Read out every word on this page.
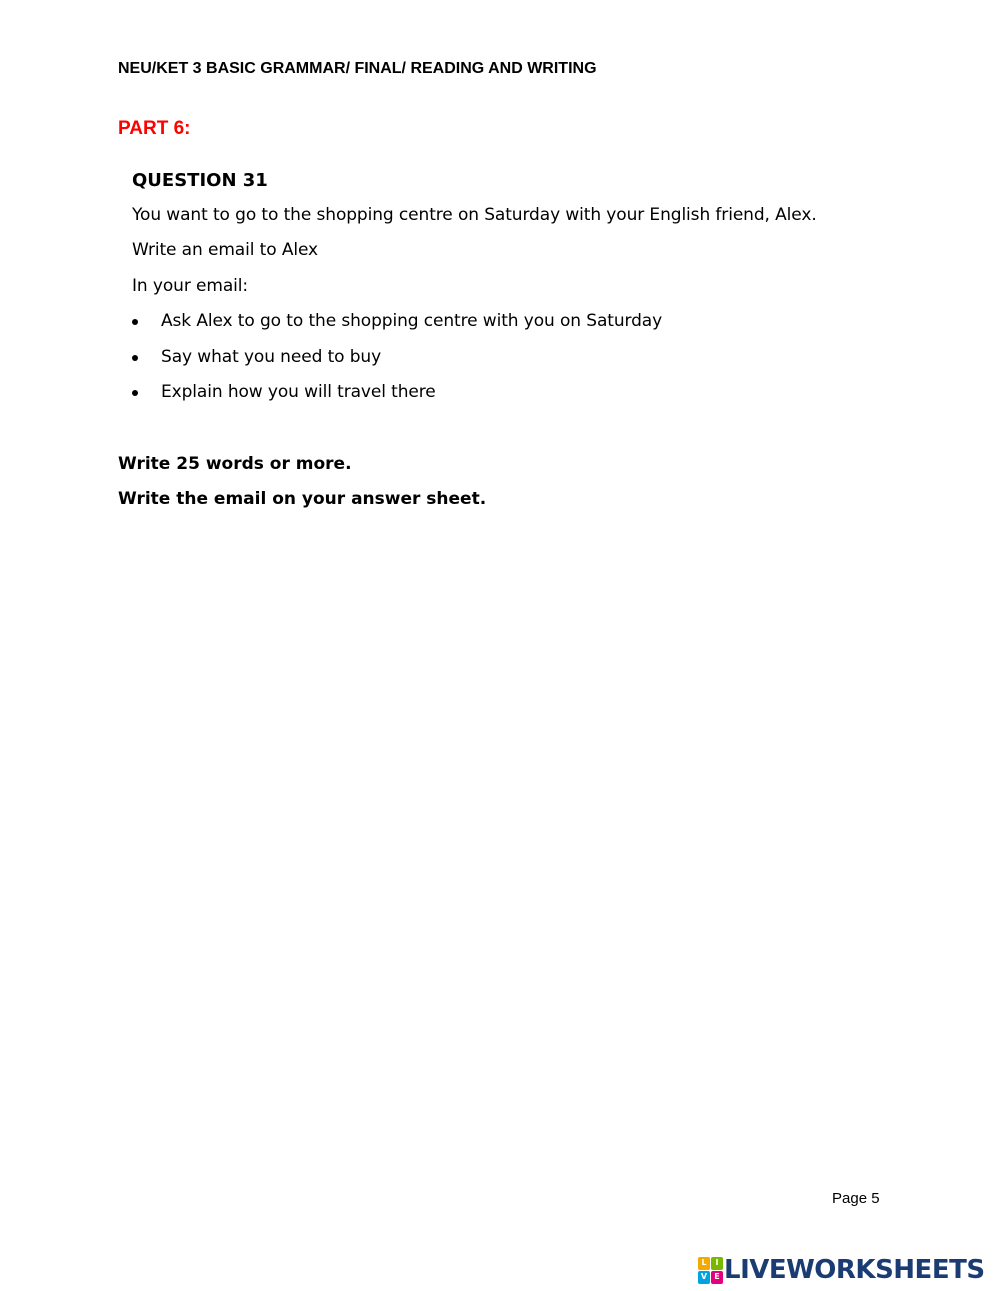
NEU/KET 3 BASIC GRAMMAR/ FINAL/ READING AND WRITING
PART 6:
QUESTION 31
You want to go to the shopping centre on Saturday with your English friend, Alex.
Write an email to Alex
In your email:
Ask Alex to go to the shopping centre with you on Saturday
Say what you need to buy
Explain how you will travel there
Write 25 words or more.
Write the email on your answer sheet.
Page 5
L	I
V E LIVEWORKSHEETS
